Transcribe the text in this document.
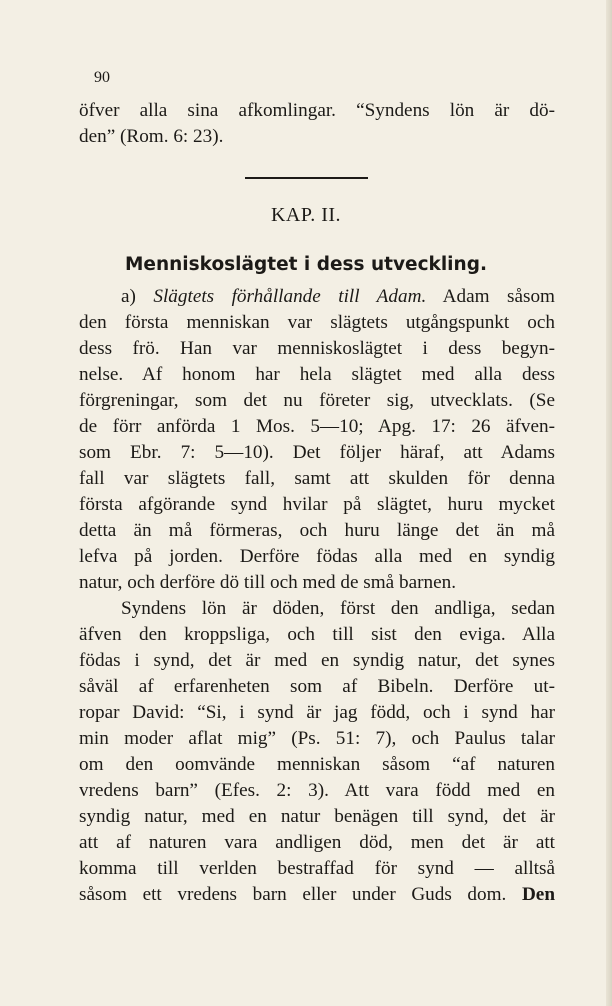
90
öfver alla sina afkomlingar. “Syndens lön är dö-
den” (Rom. 6: 23).
KAP. II.
Menniskoslägtet i dess utveckling.
a) Slägtets förhållande till Adam. Adam såsom
den första menniskan var slägtets utgångspunkt och
dess frö. Han var menniskoslägtet i dess begyn-
nelse. Af honom har hela slägtet med alla dess
förgreningar, som det nu företer sig, utvecklats. (Se
de förr anförda 1 Mos. 5—10; Apg. 17: 26 äfven-
som Ebr. 7: 5—10). Det följer häraf, att Adams
fall var slägtets fall, samt att skulden för denna
första afgörande synd hvilar på slägtet, huru mycket
detta än må förmeras, och huru länge det än må
lefva på jorden. Derföre födas alla med en syndig
natur, och derföre dö till och med de små barnen.
Syndens lön är döden, först den andliga, sedan
äfven den kroppsliga, och till sist den eviga. Alla
födas i synd, det är med en syndig natur, det synes
såväl af erfarenheten som af Bibeln. Derföre ut-
ropar David: “Si, i synd är jag född, och i synd har
min moder aflat mig” (Ps. 51: 7), och Paulus talar
om den oomvände menniskan såsom “af naturen
vredens barn” (Efes. 2: 3). Att vara född med en
syndig natur, med en natur benägen till synd, det är
att af naturen vara andligen död, men det är att
komma till verlden bestraffad för synd — alltså
såsom ett vredens barn eller under Guds dom. Den
